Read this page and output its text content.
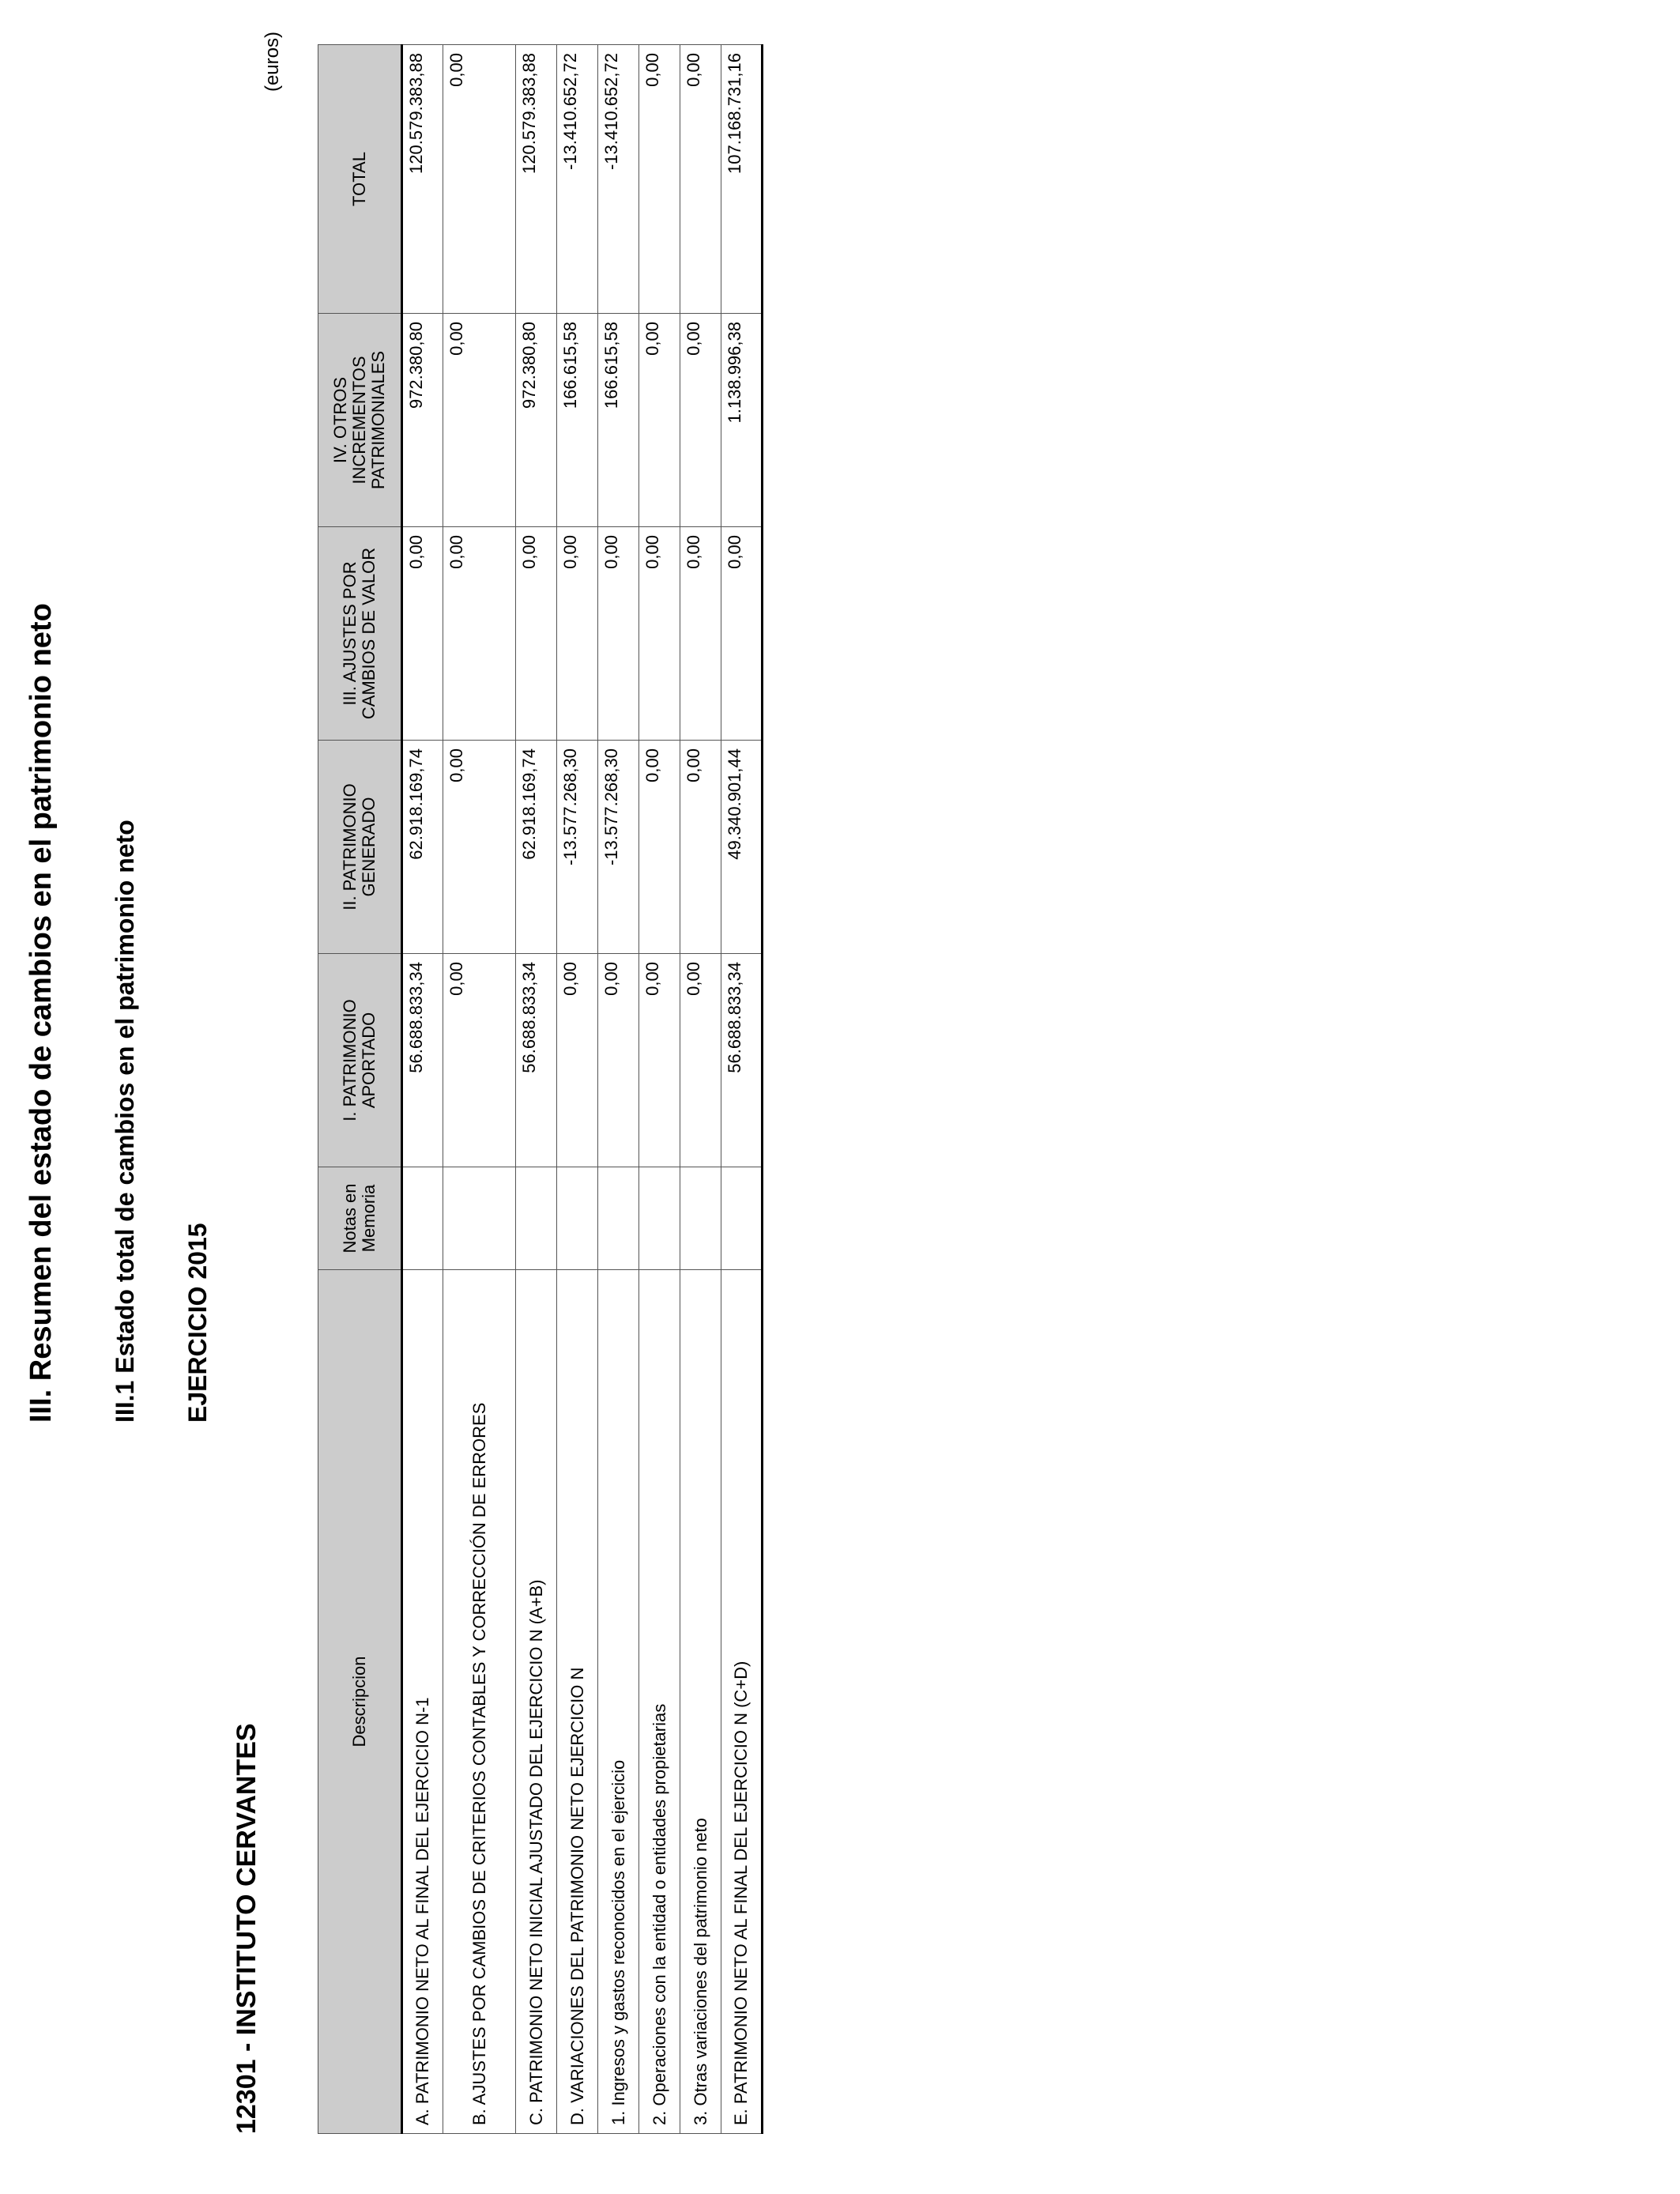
III. Resumen del estado de cambios en el patrimonio neto III.1 Estado total de cambios en el patrimonio neto EJERCICIO 2015
12301 - INSTITUTO CERVANTES
(euros)
Descripcion	Notas en Memoria	I. PATRIMONIO APORTADO	II. PATRIMONIO GENERADO	III. AJUSTES POR CAMBIOS DE VALOR	IV. OTROS INCREMENTOS PATRIMONIALES	TOTAL
A. PATRIMONIO NETO AL FINAL DEL EJERCICIO N-1		56.688.833,34	62.918.169,74	0,00	972.380,80	120.579.383,88
B. AJUSTES POR CAMBIOS DE CRITERIOS CONTABLES Y CORRECCIÓN DE ERRORES		0,00	0,00	0,00	0,00	0,00
C. PATRIMONIO NETO INICIAL AJUSTADO DEL EJERCICIO N (A+B)		56.688.833,34	62.918.169,74	0,00	972.380,80	120.579.383,88
D. VARIACIONES DEL PATRIMONIO NETO EJERCICIO N		0,00	-13.577.268,30	0,00	166.615,58	-13.410.652,72
1. Ingresos y gastos reconocidos en el ejercicio		0,00	-13.577.268,30	0,00	166.615,58	-13.410.652,72
2. Operaciones con la entidad o entidades propietarias		0,00	0,00	0,00	0,00	0,00
3. Otras variaciones del patrimonio neto		0,00	0,00	0,00	0,00	0,00
E. PATRIMONIO NETO AL FINAL DEL EJERCICIO N (C+D)		56.688.833,34	49.340.901,44	0,00	1.138.996,38	107.168.731,16
